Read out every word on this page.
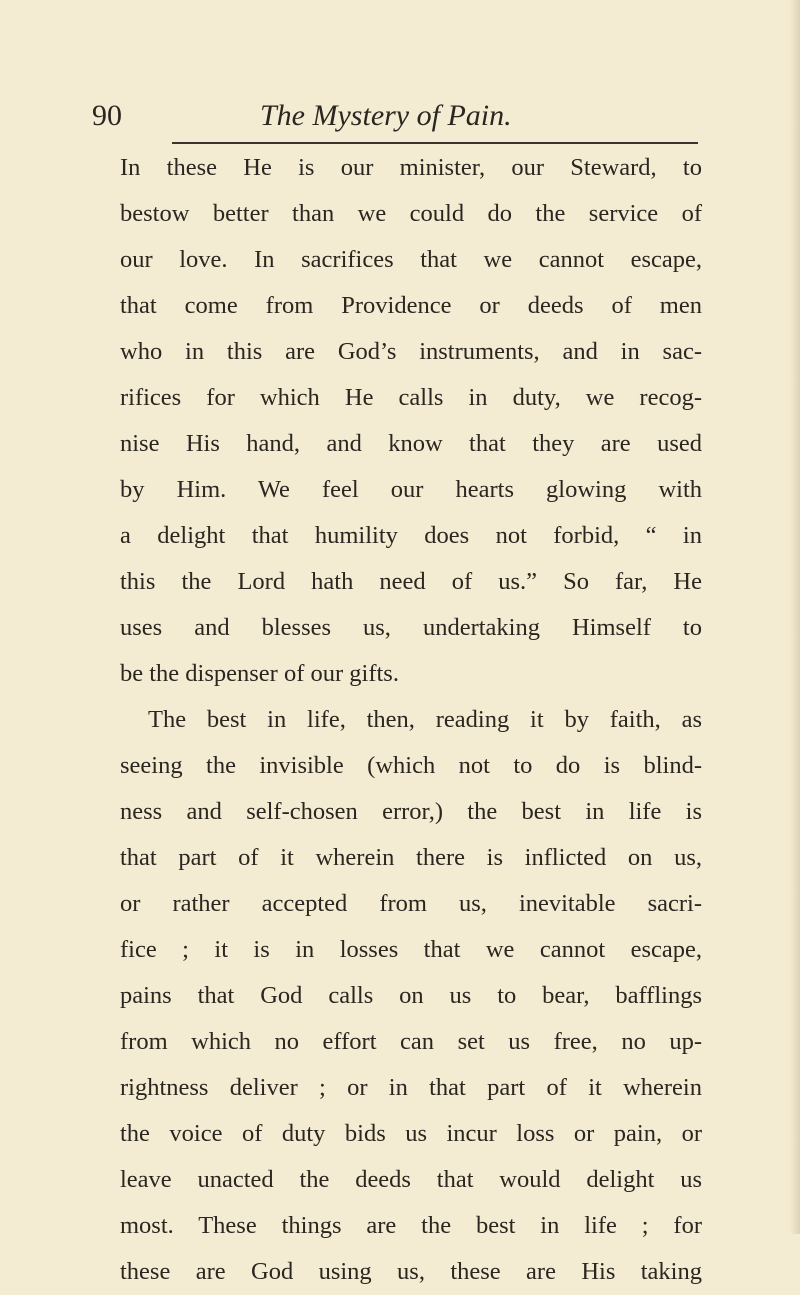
90	The Mystery of Pain.
In these He is our minister, our Steward, to
bestow better than we could do the service of
our love. In sacrifices that we cannot escape,
that come from Providence or deeds of men
who in this are God’s instruments, and in sac-
rifices for which He calls in duty, we recog-
nise His hand, and know that they are used
by Him. We feel our hearts glowing with
a delight that humility does not forbid, “ in
this the Lord hath need of us.” So far, He
uses and blesses us, undertaking Himself to
be the dispenser of our gifts.
The best in life, then, reading it by faith, as
seeing the invisible (which not to do is blind-
ness and self-chosen error,) the best in life is
that part of it wherein there is inflicted on us,
or rather accepted from us, inevitable sacri-
fice ; it is in losses that we cannot escape,
pains that God calls on us to bear, bafflings
from which no effort can set us free, no up-
rightness deliver ; or in that part of it wherein
the voice of duty bids us incur loss or pain, or
leave unacted the deeds that would delight us
most. These things are the best in life ; for
these are God using us, these are His taking
